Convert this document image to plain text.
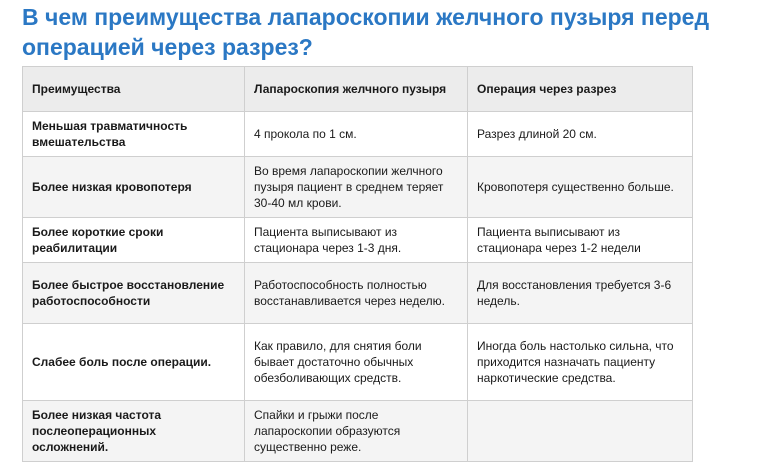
В чем преимущества лапароскопии желчного пузыря перед операцией через разрез?
Преимущества	Лапароскопия желчного пузыря	Операция через разрез
Меньшая травматичность вмешательства	4 прокола по 1 см.	Разрез длиной 20 см.
Более низкая кровопотеря	Во время лапароскопии желчного пузыря пациент в среднем теряет 30-40 мл крови.	Кровопотеря существенно больше.
Более короткие сроки реабилитации	Пациента выписывают из стационара через 1-3 дня.	Пациента выписывают из стационара через 1-2 недели
Более быстрое восстановление работоспособности	Работоспособность полностью восстанавливается через неделю.	Для восстановления требуется 3-6 недель.
Слабее боль после операции.	Как правило, для снятия боли бывает достаточно обычных обезболивающих средств.	Иногда боль настолько сильна, что приходится назначать пациенту наркотические средства.
Более низкая частота послеоперационных осложнений.	Спайки и грыжи после лапароскопии образуются существенно реже.	
